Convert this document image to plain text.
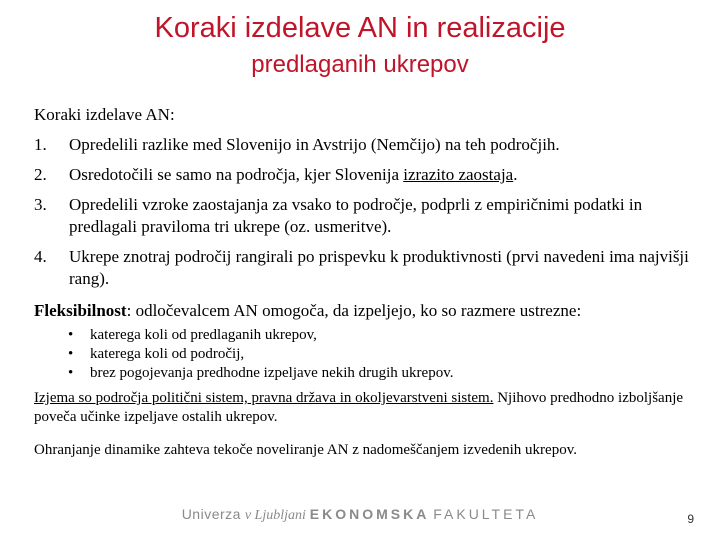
Koraki izdelave AN in realizacije
predlaganih ukrepov
Koraki izdelave AN:
1.	Opredelili razlike med Slovenijo in Avstrijo (Nemčijo) na teh področjih.
2.	Osredotočili se samo na področja, kjer Slovenija izrazito zaostaja.
3.	Opredelili vzroke zaostajanja za vsako to področje, podprli z empiričnimi podatki in predlagali praviloma tri ukrepe (oz. usmeritve).
4.	Ukrepe znotraj področij rangirali po prispevku k produktivnosti (prvi navedeni ima najvišji rang).
Fleksibilnost: odločevalcem AN omogoča, da izpeljejo, ko so razmere ustrezne:
•	katerega koli od predlaganih ukrepov,
•	katerega koli od področij,
•	brez pogojevanja predhodne izpeljave nekih drugih ukrepov.
Izjema so področja politični sistem, pravna država in okoljevarstveni sistem. Njihovo predhodno izboljšanje poveča učinke izpeljave ostalih ukrepov.
Ohranjanje dinamike zahteva tekoče noveliranje AN z nadomeščanjem izvedenih ukrepov.
Univerza v Ljubljani EKONOMSKA FAKULTETA	9
